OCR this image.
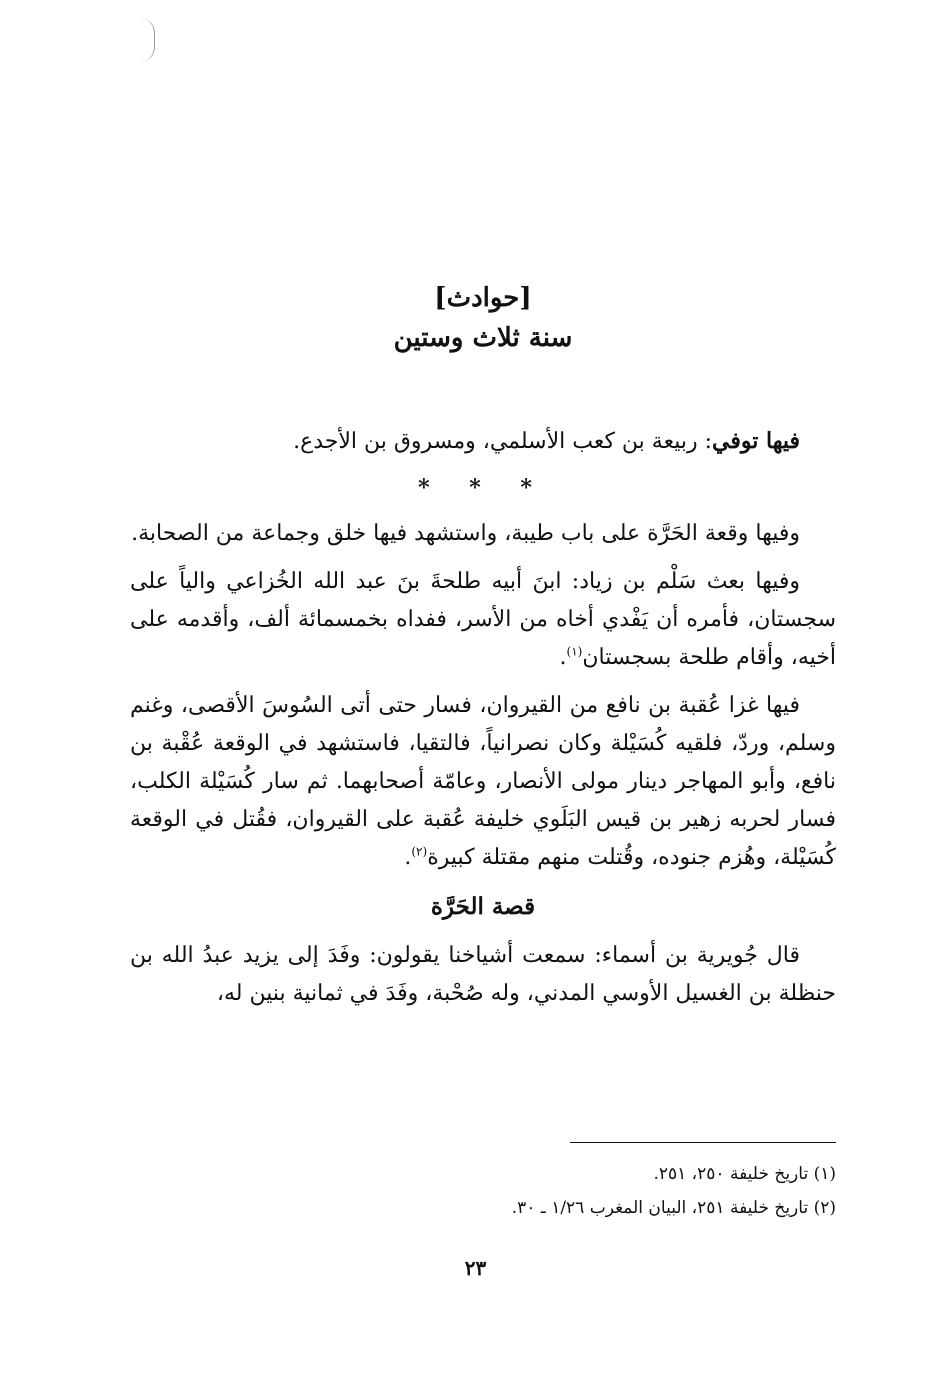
[حوادث]

سنة ثلاث وستين

فيها توفي: ربيعة بن كعب الأسلمي، ومسروق بن الأجدع.

* * *

وفيها وقعة الحَرَّة على باب طيبة، واستشهد فيها خلق وجماعة من الصحابة.

وفيها بعث سَلْم بن زياد: ابنَ أبيه طلحةَ بنَ عبد الله الخُزاعي والياً على سجستان، فأمره أن يَفْدي أخاه من الأسر، ففداه بخمسمائة ألف، وأقدمه على أخيه، وأقام طلحة بسجستان$^{(١)}$.

فيها غزا عُقبة بن نافع من القيروان، فسار حتى أتى السُوسَ الأقصى، وغنم وسلم، وردّ، فلقيه كُسَيْلة وكان نصرانياً، فالتقيا، فاستشهد في الوقعة عُقْبة بن نافع، وأبو المهاجر دينار مولى الأنصار، وعامّة أصحابهما. ثم سار كُسَيْلة الكلب، فسار لحربه زهير بن قيس البَلَوي خليفة عُقبة على القيروان، فقُتل في الوقعة كُسَيْلة، وهُزم جنوده، وقُتلت منهم مقتلة كبيرة$^{(٢)}$.

قصة الحَرَّة

قال جُويرية بن أسماء: سمعت أشياخنا يقولون: وفَدَ إلى يزيد عبدُ الله بن حنظلة بن الغسيل الأوسي المدني، وله صُحْبة، وفَدَ في ثمانية بنين له،

(١) تاريخ خليفة ٢٥٠، ٢٥١.

(٢) تاريخ خليفة ٢٥١، البيان المغرب ١/٢٦ ـ ٣٠.

٢٣
